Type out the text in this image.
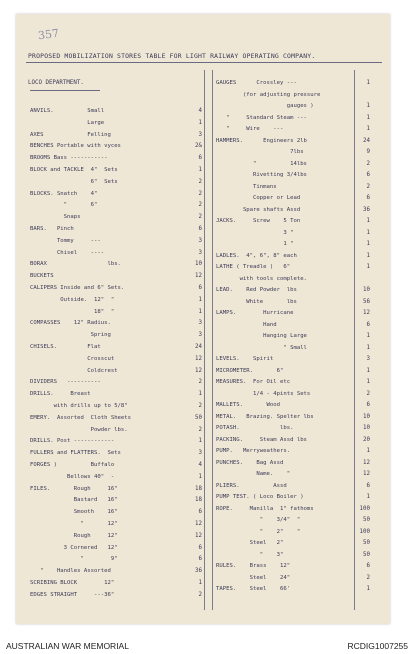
357
PROPOSED MOBILIZATION STORES TABLE FOR LIGHT RAILWAY OPERATING COMPANY.
LOCO DEPARTMENT.
ANVILS.          Small	4
Large	1
AXES             Felling	3
BENCHES Portable with vyces	2&
BROOMS Bass -----------	6
BLOCK and TACKLE  4"  Sets	1
6"  Sets	2
BLOCKS. Snatch    4"	2
"       6"	2
Snaps	2
BARS.   Pinch	6
Tommy     ---	3
Chisel    ----	3
BORAX                  lbs.	10
BUCKETS	12
CALIPERS Inside and 6" Sets.	6
Outside.  12"  "	1
18"  "	1
COMPASSES    12" Radius.	3
Spring	3
CHISELS.         Flat	24
Crosscut	12
Coldcrest	12
DIVIDERS   ----------	2
DRILLS.     Breast	1
with drills up to 5/8"	2
EMERY.  Assorted  Cloth Sheets	50
Powder lbs.	2
DRILLS. Post ------------	1
FULLERS and FLATTERS.  Sets	3
FORGES )          Buffalo	4
Bellows 40"  -	1
FILES.       Rough     16"	18
Bastard   16"	18
Smooth    16"	6
"       12"	12
Rough     12"	12
3 Cornered   12"	6
"        9"	6
"    Handles Assorted	36
SCRIBING BLOCK        12"	1
EDGES STRAIGHT     ---36"	2
GAUGES      Crossley ---	1
(for adjusting pressure
gauges )	1
"     Standard Steam ---	1
"     Wire    ---	1
HAMMERS.      Engineers 2lb	24
7lbs	9
"          14lbs	2
Rivetting 3/4lbs	6
Tinmans	2
Copper or Lead	6
Spare shafts Assd	36
JACKS.     Screw    5 Ton	1
3 "	1
1 "	1
LADLES.  4", 6", 8" each	1
LATHE ( Treadle )   6"	1
with tools complete.
LEAD.    Red Powder  lbs	10
White       lbs	56
LAMPS.        Hurricane	12
Hand	6
Hanging Large	1
" Small	1
LEVELS.    Spirit	3
MICROMETER.       6"	1
MEASURES.  For Oil etc	1
1/4 - 4pints Sets	2
MALLETS.       Wood	6
METAL.   Brazing. Spelter lbs	10
POTASH.            lbs.	10
PACKING.     Steam Assd lbs	20
PUMP.   Merryweathers.	1
PUNCHES.    Bag Assd	12
Name.    "	12
PLIERS.          Assd	6
PUMP TEST. ( Loco Boiler )	1
ROPE.     Manilla  1" fathoms	100
"    3/4"  "	50
"    2"    "	100
Steel   2"	50
"    3"	50
RULES.    Brass    12"	6
Steel    24"	2
TAPES.    Steel    66'	1
AUSTRALIAN WAR MEMORIAL	RCDIG1007255
